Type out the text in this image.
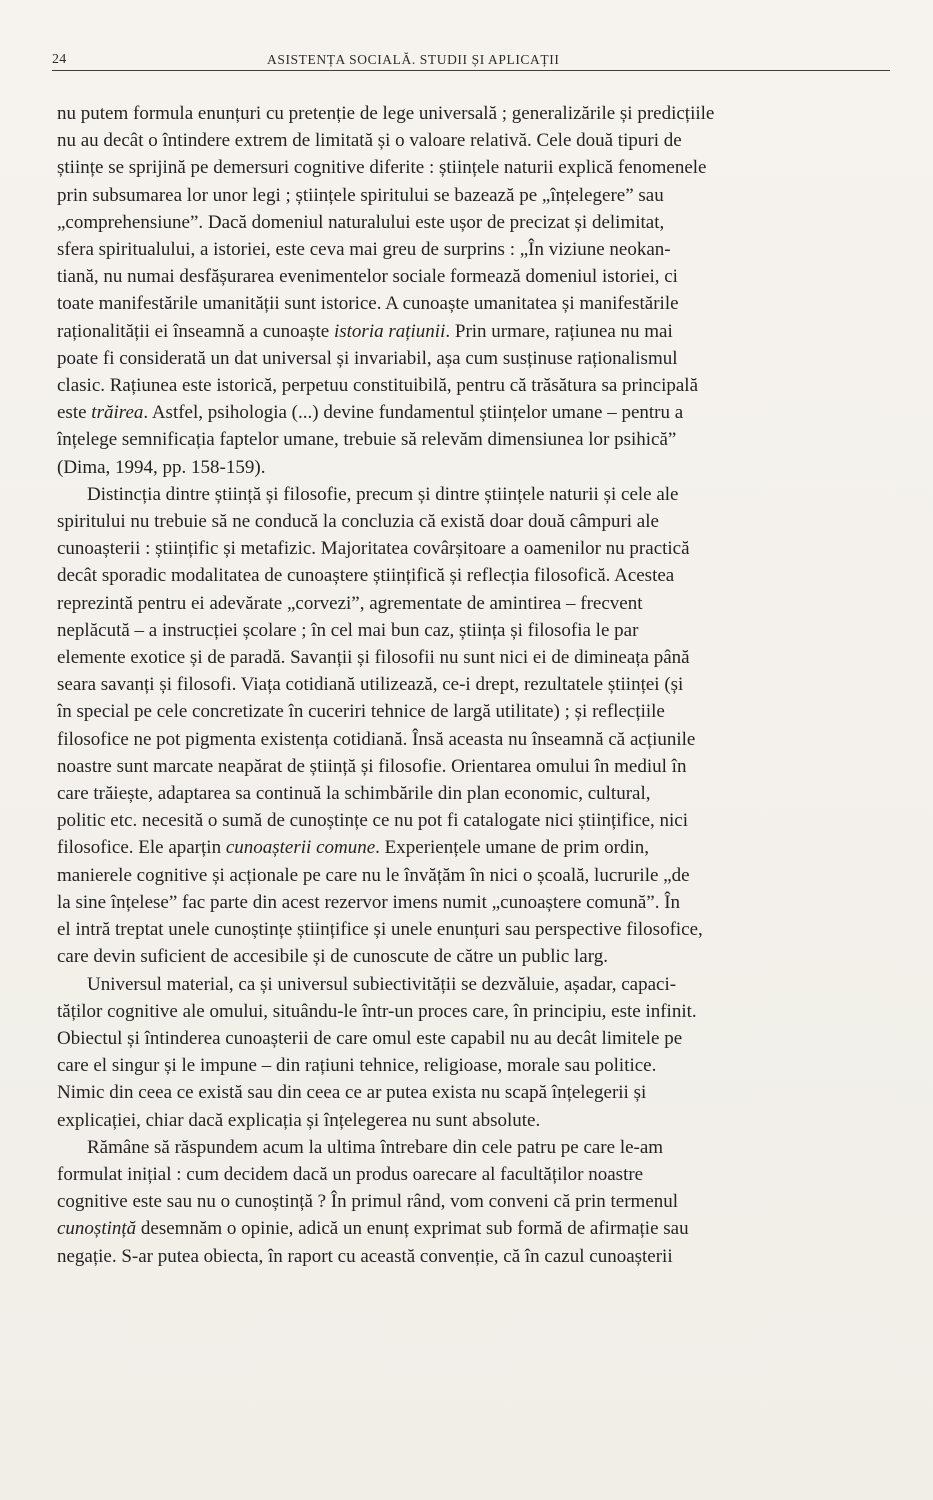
24	ASISTENȚA SOCIALĂ. STUDII ȘI APLICAȚII
nu putem formula enunțuri cu pretenție de lege universală ; generalizările și predicțiile
nu au decât o întindere extrem de limitată și o valoare relativă. Cele două tipuri de
științe se sprijină pe demersuri cognitive diferite : științele naturii explică fenomenele
prin subsumarea lor unor legi ; științele spiritului se bazează pe „înțelegere” sau
„comprehensiune”. Dacă domeniul naturalului este ușor de precizat și delimitat,
sfera spiritualului, a istoriei, este ceva mai greu de surprins : „În viziune neokan-
tiană, nu numai desfășurarea evenimentelor sociale formează domeniul istoriei, ci
toate manifestările umanității sunt istorice. A cunoaște umanitatea și manifestările
raționalității ei înseamnă a cunoaște istoria rațiunii. Prin urmare, rațiunea nu mai
poate fi considerată un dat universal și invariabil, așa cum susținuse raționalismul
clasic. Rațiunea este istorică, perpetuu constituibilă, pentru că trăsătura sa principală
este trăirea. Astfel, psihologia (...) devine fundamentul științelor umane – pentru a
înțelege semnificația faptelor umane, trebuie să relevăm dimensiunea lor psihică”
(Dima, 1994, pp. 158-159).
Distincția dintre știință și filosofie, precum și dintre științele naturii și cele ale
spiritului nu trebuie să ne conducă la concluzia că există doar două câmpuri ale
cunoașterii : științific și metafizic. Majoritatea covârșitoare a oamenilor nu practică
decât sporadic modalitatea de cunoaștere științifică și reflecția filosofică. Acestea
reprezintă pentru ei adevărate „corvezi”, agrementate de amintirea – frecvent
neplăcută – a instrucției școlare ; în cel mai bun caz, știința și filosofia le par
elemente exotice și de paradă. Savanții și filosofii nu sunt nici ei de dimineața până
seara savanți și filosofi. Viața cotidiană utilizează, ce-i drept, rezultatele științei (și
în special pe cele concretizate în cuceriri tehnice de largă utilitate) ; și reflecțiile
filosofice ne pot pigmenta existența cotidiană. Însă aceasta nu înseamnă că acțiunile
noastre sunt marcate neapărat de știință și filosofie. Orientarea omului în mediul în
care trăiește, adaptarea sa continuă la schimbările din plan economic, cultural,
politic etc. necesită o sumă de cunoștințe ce nu pot fi catalogate nici științifice, nici
filosofice. Ele aparțin cunoașterii comune. Experiențele umane de prim ordin,
manierele cognitive și acționale pe care nu le învățăm în nici o școală, lucrurile „de
la sine înțelese” fac parte din acest rezervor imens numit „cunoaștere comună”. În
el intră treptat unele cunoștințe științifice și unele enunțuri sau perspective filosofice,
care devin suficient de accesibile și de cunoscute de către un public larg.
Universul material, ca și universul subiectivității se dezvăluie, așadar, capaci-
tăților cognitive ale omului, situându-le într-un proces care, în principiu, este infinit.
Obiectul și întinderea cunoașterii de care omul este capabil nu au decât limitele pe
care el singur și le impune – din rațiuni tehnice, religioase, morale sau politice.
Nimic din ceea ce există sau din ceea ce ar putea exista nu scapă înțelegerii și
explicației, chiar dacă explicația și înțelegerea nu sunt absolute.
Rămâne să răspundem acum la ultima întrebare din cele patru pe care le-am
formulat inițial : cum decidem dacă un produs oarecare al facultăților noastre
cognitive este sau nu o cunoștință ? În primul rând, vom conveni că prin termenul
cunoștință desemnăm o opinie, adică un enunț exprimat sub formă de afirmație sau
negație. S-ar putea obiecta, în raport cu această convenție, că în cazul cunoașterii
